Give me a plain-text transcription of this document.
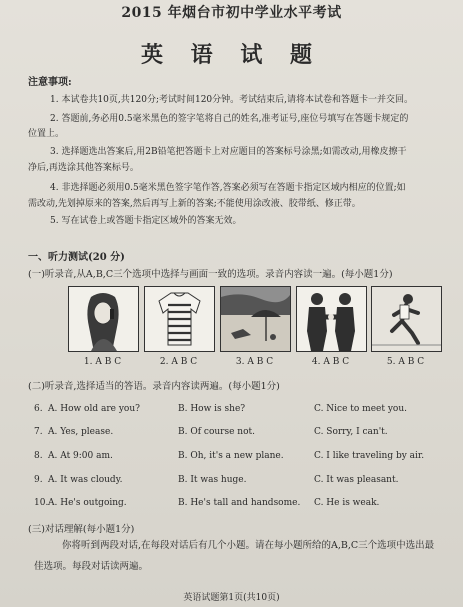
2015 年烟台市初中学业水平考试
英 语 试 题
注意事项:
1. 本试卷共10页,共120分;考试时间120分钟。考试结束后,请将本试卷和答题卡一并交回。
2. 答题前,务必用0.5毫米黑色的签字笔将自己的姓名,准考证号,座位号填写在答题卡规定的
位置上。
3. 选择题选出答案后,用2B铅笔把答题卡上对应题目的答案标号涂黑;如需改动,用橡皮擦干
净后,再选涂其他答案标号。
4. 非选择题必须用0.5毫米黑色签字笔作答,答案必须写在答题卡指定区域内相应的位置;如
需改动,先划掉原来的答案,然后再写上新的答案;不能使用涂改液、胶带纸、修正带。
5. 写在试卷上或答题卡指定区域外的答案无效。
一、听力测试(20 分)
(一)听录音,从A,B,C三个选项中选择与画面一致的选项。录音内容读一遍。(每小题1分)
1. A B C	2. A B C	3. A B C	4. A B C	5. A B C
(二)听录音,选择适当的答语。录音内容读两遍。(每小题1分)
6. A. How old are you?	B. How is she?	C. Nice to meet you.
7. A. Yes, please.	B. Of course not.	C. Sorry, I can't.
8. A. At 9:00 am.	B. Oh, it's a new plane.	C. I like traveling by air.
9. A. It was cloudy.	B. It was huge.	C. It was pleasant.
10. A. He's outgoing.	B. He's tall and handsome. C. He is weak.
(三)对话理解(每小题1分)
你将听到两段对话,在每段对话后有几个小题。请在每小题所给的A,B,C三个选项中选出最
佳选项。每段对话读两遍。
英语试题第1页(共10页)
